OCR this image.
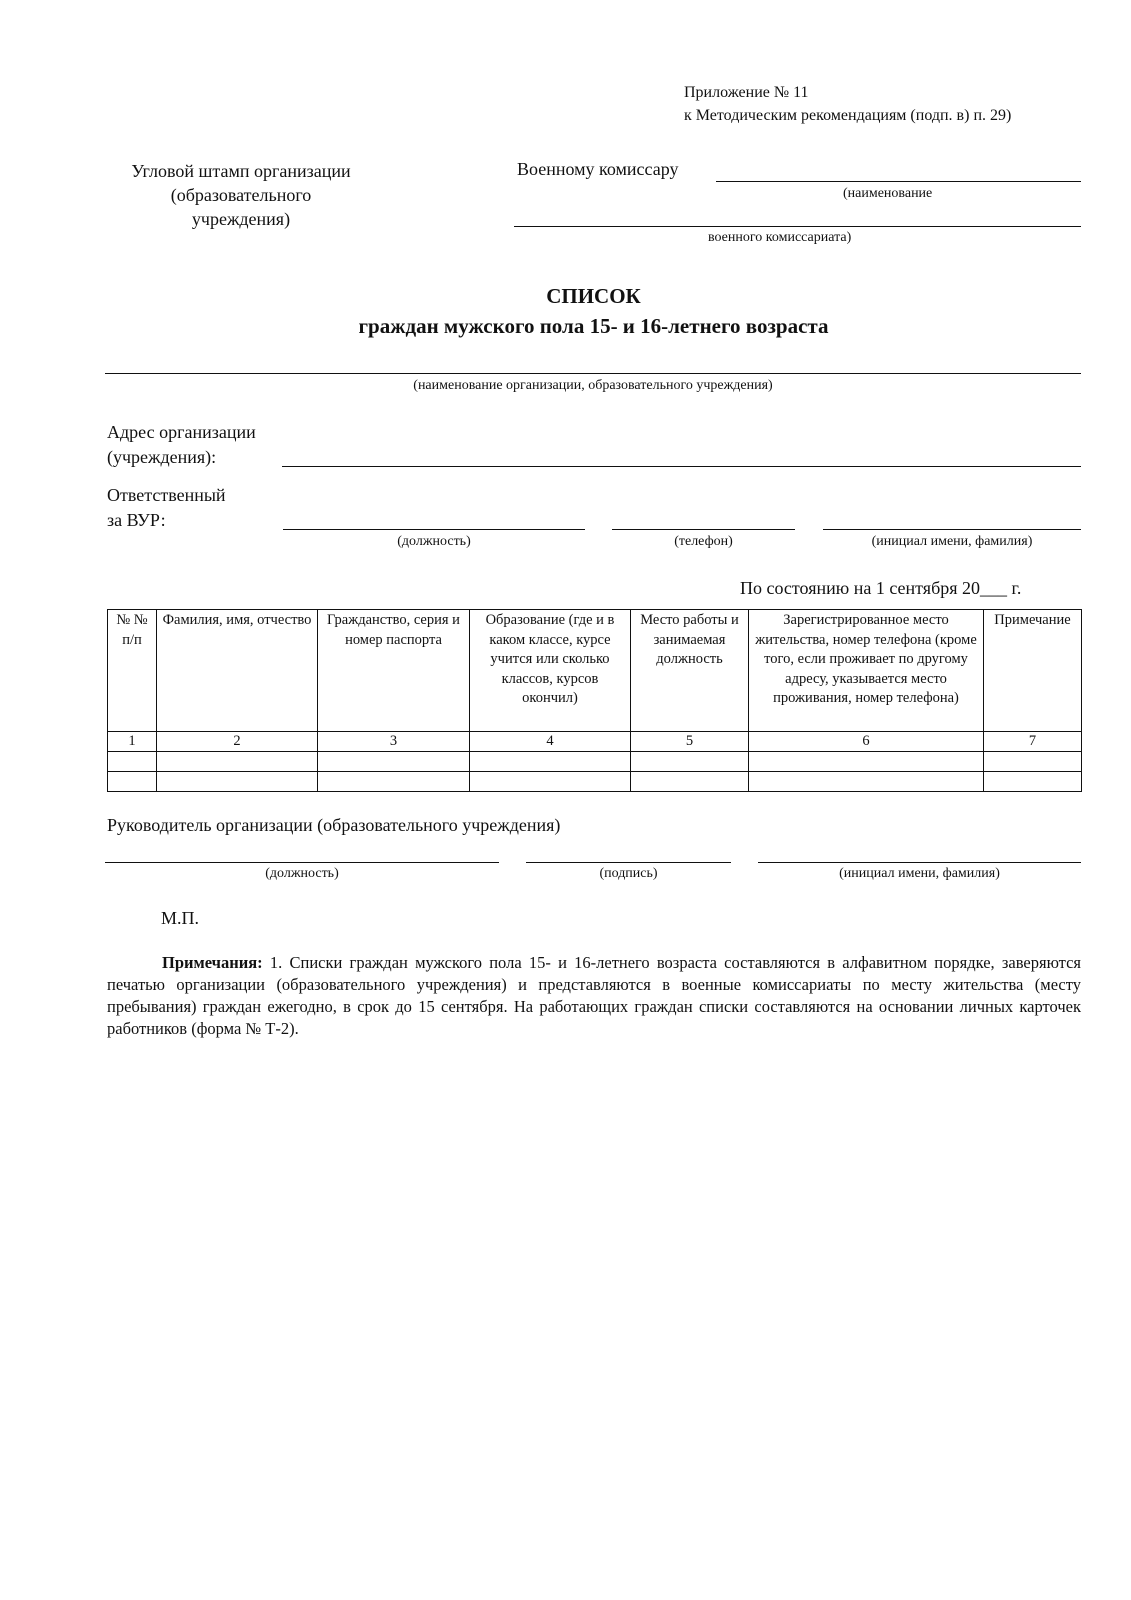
Приложение № 11
к Методическим рекомендациям (подп. в) п. 29)
Угловой штамп организации
(образовательного
учреждения)
Военному комиссару
(наименование
военного комиссариата)
СПИСОК
граждан мужского пола 15- и 16-летнего возраста
(наименование организации, образовательного учреждения)
Адрес организации
(учреждения):
Ответственный
за ВУР:
(должность)	(телефон)	(инициал имени, фамилия)
По состоянию на 1 сентября 20___ г.
№ № п/п	Фамилия, имя, отчество	Гражданство, серия и номер паспорта	Образование (где и в каком классе, курсе учится или сколько классов, курсов окончил)	Место работы и занимаемая должность	Зарегистрированное место жительства, номер телефона (кроме того, если проживает по другому адресу, указывается место проживания, номер телефона)	Примечание
1	2	3	4	5	6	7

Руководитель организации (образовательного учреждения)
(должность)	(подпись)	(инициал имени, фамилия)
М.П.
Примечания: 1. Списки граждан мужского пола 15- и 16-летнего возраста составляются в алфавитном порядке, заверяются печатью организации (образовательного учреждения) и представляются в военные комиссариаты по месту жительства (месту пребывания) граждан ежегодно, в срок до 15 сентября. На работающих граждан списки составляются на основании личных карточек работников (форма № Т-2).
